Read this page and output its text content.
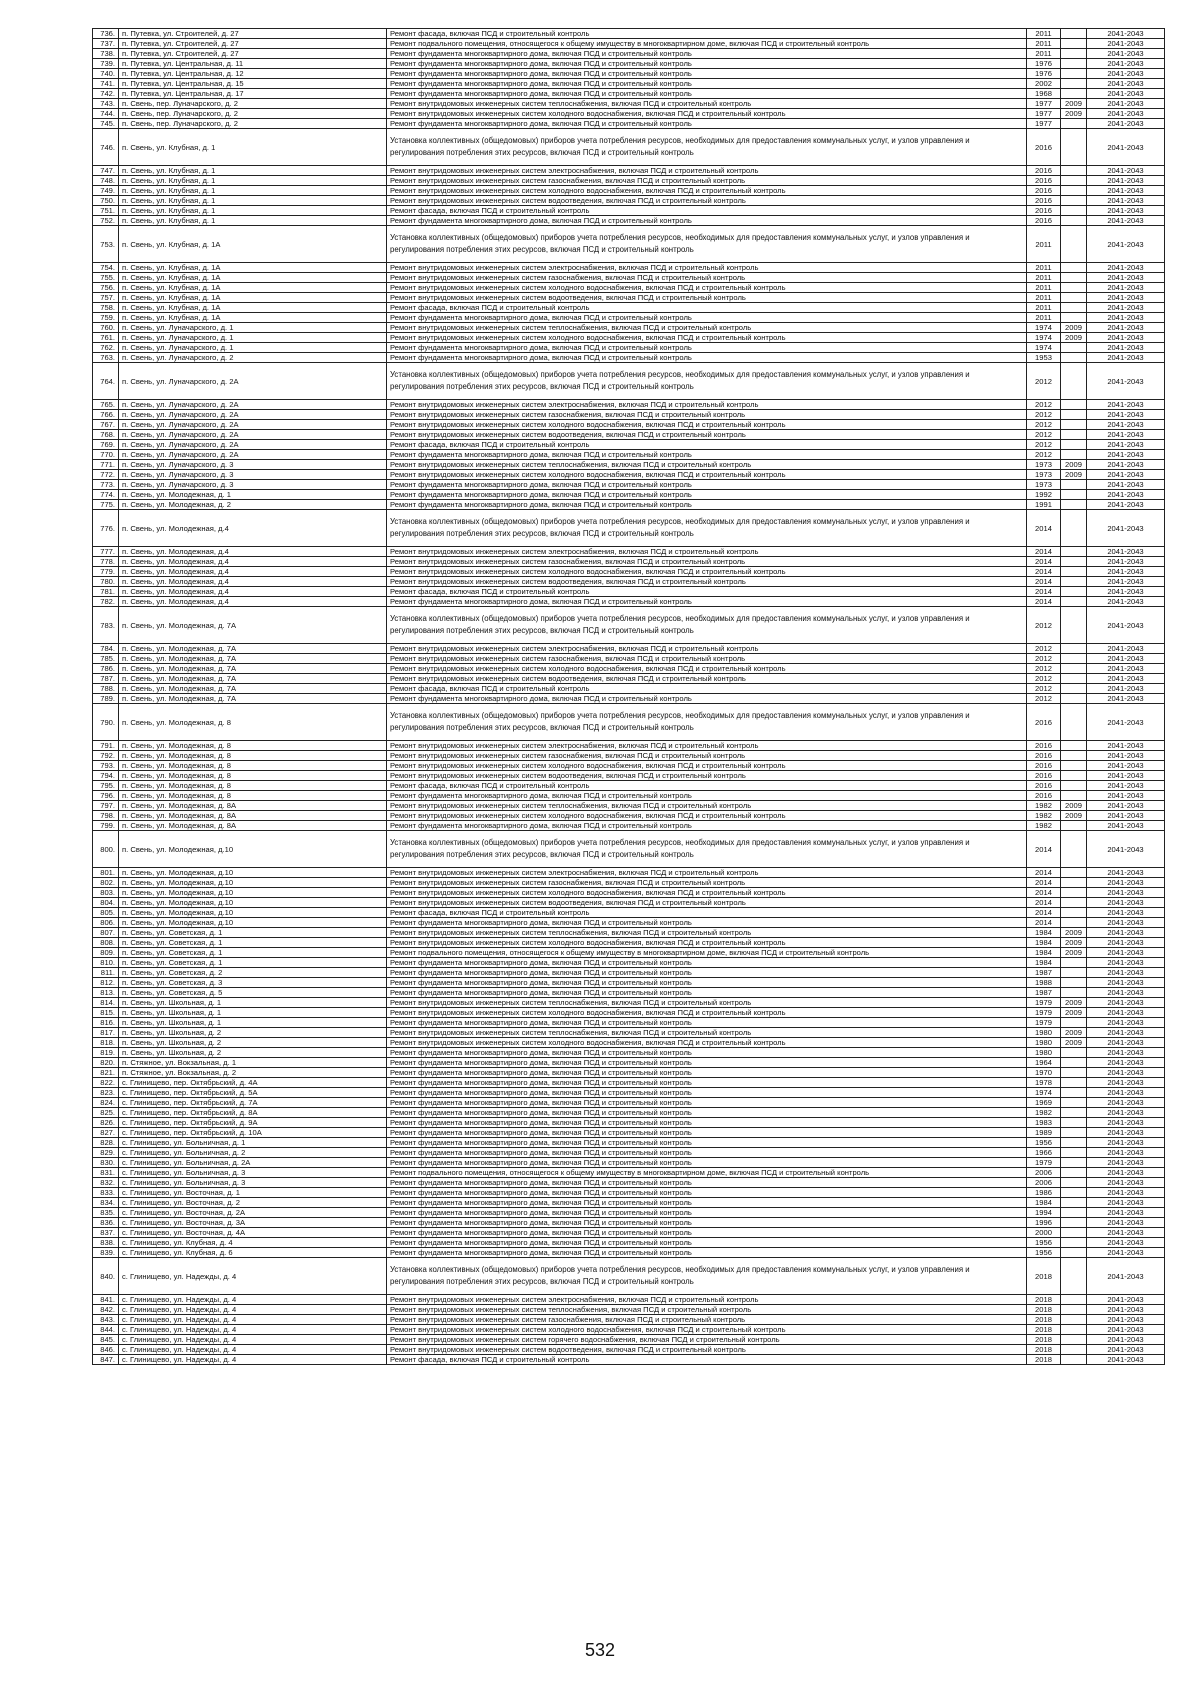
736.	п. Путевка, ул. Строителей, д. 27	Ремонт фасада, включая ПСД и строительный контроль	2011		2041-2043
737.	п. Путевка, ул. Строителей, д. 27	Ремонт подвального помещения, относящегося к общему имуществу в многоквартирном доме, включая ПСД и строительный контроль	2011		2041-2043
738.	п. Путевка, ул. Строителей, д. 27	Ремонт фундамента многоквартирного дома, включая ПСД и строительный контроль	2011		2041-2043
739.	п. Путевка, ул. Центральная, д. 11	Ремонт фундамента многоквартирного дома, включая ПСД и строительный контроль	1976		2041-2043
740.	п. Путевка, ул. Центральная, д. 12	Ремонт фундамента многоквартирного дома, включая ПСД и строительный контроль	1976		2041-2043
741.	п. Путевка, ул. Центральная, д. 15	Ремонт фундамента многоквартирного дома, включая ПСД и строительный контроль	2002		2041-2043
742.	п. Путевка, ул. Центральная, д. 17	Ремонт фундамента многоквартирного дома, включая ПСД и строительный контроль	1968		2041-2043
743.	п. Свень, пер. Луначарского, д. 2	Ремонт внутридомовых инженерных систем теплоснабжения, включая ПСД и строительный контроль	1977	2009	2041-2043
744.	п. Свень, пер. Луначарского, д. 2	Ремонт внутридомовых инженерных систем холодного водоснабжения, включая ПСД и строительный контроль	1977	2009	2041-2043
745.	п. Свень, пер. Луначарского, д. 2	Ремонт фундамента многоквартирного дома, включая ПСД и строительный контроль	1977		2041-2043
746.	п. Свень, ул. Клубная, д. 1	Установка коллективных (общедомовых) приборов учета потребления ресурсов, необходимых для предоставления коммунальных услуг, и узлов управления и регулирования потребления этих ресурсов, включая ПСД и строительный контроль	2016		2041-2043
747.	п. Свень, ул. Клубная, д. 1	Ремонт внутридомовых инженерных систем электроснабжения, включая ПСД и строительный контроль	2016		2041-2043
748.	п. Свень, ул. Клубная, д. 1	Ремонт внутридомовых инженерных систем газоснабжения, включая ПСД и строительный контроль	2016		2041-2043
749.	п. Свень, ул. Клубная, д. 1	Ремонт внутридомовых инженерных систем холодного водоснабжения, включая ПСД и строительный контроль	2016		2041-2043
750.	п. Свень, ул. Клубная, д. 1	Ремонт внутридомовых инженерных систем водоотведения, включая ПСД и строительный контроль	2016		2041-2043
751.	п. Свень, ул. Клубная, д. 1	Ремонт фасада, включая ПСД и строительный контроль	2016		2041-2043
752.	п. Свень, ул. Клубная, д. 1	Ремонт фундамента многоквартирного дома, включая ПСД и строительный контроль	2016		2041-2043
753.	п. Свень, ул. Клубная, д. 1А	Установка коллективных (общедомовых) приборов учета потребления ресурсов, необходимых для предоставления коммунальных услуг, и узлов управления и регулирования потребления этих ресурсов, включая ПСД и строительный контроль	2011		2041-2043
754.	п. Свень, ул. Клубная, д. 1А	Ремонт внутридомовых инженерных систем электроснабжения, включая ПСД и строительный контроль	2011		2041-2043
755.	п. Свень, ул. Клубная, д. 1А	Ремонт внутридомовых инженерных систем газоснабжения, включая ПСД и строительный контроль	2011		2041-2043
756.	п. Свень, ул. Клубная, д. 1А	Ремонт внутридомовых инженерных систем холодного водоснабжения, включая ПСД и строительный контроль	2011		2041-2043
757.	п. Свень, ул. Клубная, д. 1А	Ремонт внутридомовых инженерных систем водоотведения, включая ПСД и строительный контроль	2011		2041-2043
758.	п. Свень, ул. Клубная, д. 1А	Ремонт фасада, включая ПСД и строительный контроль	2011		2041-2043
759.	п. Свень, ул. Клубная, д. 1А	Ремонт фундамента многоквартирного дома, включая ПСД и строительный контроль	2011		2041-2043
760.	п. Свень, ул. Луначарского, д. 1	Ремонт внутридомовых инженерных систем теплоснабжения, включая ПСД и строительный контроль	1974	2009	2041-2043
761.	п. Свень, ул. Луначарского, д. 1	Ремонт внутридомовых инженерных систем холодного водоснабжения, включая ПСД и строительный контроль	1974	2009	2041-2043
762.	п. Свень, ул. Луначарского, д. 1	Ремонт фундамента многоквартирного дома, включая ПСД и строительный контроль	1974		2041-2043
763.	п. Свень, ул. Луначарского, д. 2	Ремонт фундамента многоквартирного дома, включая ПСД и строительный контроль	1953		2041-2043
764.	п. Свень, ул. Луначарского, д. 2А	Установка коллективных (общедомовых) приборов учета потребления ресурсов, необходимых для предоставления коммунальных услуг, и узлов управления и регулирования потребления этих ресурсов, включая ПСД и строительный контроль	2012		2041-2043
765.	п. Свень, ул. Луначарского, д. 2А	Ремонт внутридомовых инженерных систем электроснабжения, включая ПСД и строительный контроль	2012		2041-2043
766.	п. Свень, ул. Луначарского, д. 2А	Ремонт внутридомовых инженерных систем газоснабжения, включая ПСД и строительный контроль	2012		2041-2043
767.	п. Свень, ул. Луначарского, д. 2А	Ремонт внутридомовых инженерных систем холодного водоснабжения, включая ПСД и строительный контроль	2012		2041-2043
768.	п. Свень, ул. Луначарского, д. 2А	Ремонт внутридомовых инженерных систем водоотведения, включая ПСД и строительный контроль	2012		2041-2043
769.	п. Свень, ул. Луначарского, д. 2А	Ремонт фасада, включая ПСД и строительный контроль	2012		2041-2043
770.	п. Свень, ул. Луначарского, д. 2А	Ремонт фундамента многоквартирного дома, включая ПСД и строительный контроль	2012		2041-2043
771.	п. Свень, ул. Луначарского, д. 3	Ремонт внутридомовых инженерных систем теплоснабжения, включая ПСД и строительный контроль	1973	2009	2041-2043
772.	п. Свень, ул. Луначарского, д. 3	Ремонт внутридомовых инженерных систем холодного водоснабжения, включая ПСД и строительный контроль	1973	2009	2041-2043
773.	п. Свень, ул. Луначарского, д. 3	Ремонт фундамента многоквартирного дома, включая ПСД и строительный контроль	1973		2041-2043
774.	п. Свень, ул. Молодежная, д. 1	Ремонт фундамента многоквартирного дома, включая ПСД и строительный контроль	1992		2041-2043
775.	п. Свень, ул. Молодежная, д. 2	Ремонт фундамента многоквартирного дома, включая ПСД и строительный контроль	1991		2041-2043
776.	п. Свень, ул. Молодежная, д.4	Установка коллективных (общедомовых) приборов учета потребления ресурсов, необходимых для предоставления коммунальных услуг, и узлов управления и регулирования потребления этих ресурсов, включая ПСД и строительный контроль	2014		2041-2043
777.	п. Свень, ул. Молодежная, д.4	Ремонт внутридомовых инженерных систем электроснабжения, включая ПСД и строительный контроль	2014		2041-2043
778.	п. Свень, ул. Молодежная, д.4	Ремонт внутридомовых инженерных систем газоснабжения, включая ПСД и строительный контроль	2014		2041-2043
779.	п. Свень, ул. Молодежная, д.4	Ремонт внутридомовых инженерных систем холодного водоснабжения, включая ПСД и строительный контроль	2014		2041-2043
780.	п. Свень, ул. Молодежная, д.4	Ремонт внутридомовых инженерных систем водоотведения, включая ПСД и строительный контроль	2014		2041-2043
781.	п. Свень, ул. Молодежная, д.4	Ремонт фасада, включая ПСД и строительный контроль	2014		2041-2043
782.	п. Свень, ул. Молодежная, д.4	Ремонт фундамента многоквартирного дома, включая ПСД и строительный контроль	2014		2041-2043
783.	п. Свень, ул. Молодежная, д. 7А	Установка коллективных (общедомовых) приборов учета потребления ресурсов, необходимых для предоставления коммунальных услуг, и узлов управления и регулирования потребления этих ресурсов, включая ПСД и строительный контроль	2012		2041-2043
784.	п. Свень, ул. Молодежная, д. 7А	Ремонт внутридомовых инженерных систем электроснабжения, включая ПСД и строительный контроль	2012		2041-2043
785.	п. Свень, ул. Молодежная, д. 7А	Ремонт внутридомовых инженерных систем газоснабжения, включая ПСД и строительный контроль	2012		2041-2043
786.	п. Свень, ул. Молодежная, д. 7А	Ремонт внутридомовых инженерных систем холодного водоснабжения, включая ПСД и строительный контроль	2012		2041-2043
787.	п. Свень, ул. Молодежная, д. 7А	Ремонт внутридомовых инженерных систем водоотведения, включая ПСД и строительный контроль	2012		2041-2043
788.	п. Свень, ул. Молодежная, д. 7А	Ремонт фасада, включая ПСД и строительный контроль	2012		2041-2043
789.	п. Свень, ул. Молодежная, д. 7А	Ремонт фундамента многоквартирного дома, включая ПСД и строительный контроль	2012		2041-2043
790.	п. Свень, ул. Молодежная, д. 8	Установка коллективных (общедомовых) приборов учета потребления ресурсов, необходимых для предоставления коммунальных услуг, и узлов управления и регулирования потребления этих ресурсов, включая ПСД и строительный контроль	2016		2041-2043
791.	п. Свень, ул. Молодежная, д. 8	Ремонт внутридомовых инженерных систем электроснабжения, включая ПСД и строительный контроль	2016		2041-2043
792.	п. Свень, ул. Молодежная, д. 8	Ремонт внутридомовых инженерных систем газоснабжения, включая ПСД и строительный контроль	2016		2041-2043
793.	п. Свень, ул. Молодежная, д. 8	Ремонт внутридомовых инженерных систем холодного водоснабжения, включая ПСД и строительный контроль	2016		2041-2043
794.	п. Свень, ул. Молодежная, д. 8	Ремонт внутридомовых инженерных систем водоотведения, включая ПСД и строительный контроль	2016		2041-2043
795.	п. Свень, ул. Молодежная, д. 8	Ремонт фасада, включая ПСД и строительный контроль	2016		2041-2043
796.	п. Свень, ул. Молодежная, д. 8	Ремонт фундамента многоквартирного дома, включая ПСД и строительный контроль	2016		2041-2043
797.	п. Свень, ул. Молодежная, д. 8А	Ремонт внутридомовых инженерных систем теплоснабжения, включая ПСД и строительный контроль	1982	2009	2041-2043
798.	п. Свень, ул. Молодежная, д. 8А	Ремонт внутридомовых инженерных систем холодного водоснабжения, включая ПСД и строительный контроль	1982	2009	2041-2043
799.	п. Свень, ул. Молодежная, д. 8А	Ремонт фундамента многоквартирного дома, включая ПСД и строительный контроль	1982		2041-2043
800.	п. Свень, ул. Молодежная, д.10	Установка коллективных (общедомовых) приборов учета потребления ресурсов, необходимых для предоставления коммунальных услуг, и узлов управления и регулирования потребления этих ресурсов, включая ПСД и строительный контроль	2014		2041-2043
801.	п. Свень, ул. Молодежная, д.10	Ремонт внутридомовых инженерных систем электроснабжения, включая ПСД и строительный контроль	2014		2041-2043
802.	п. Свень, ул. Молодежная, д.10	Ремонт внутридомовых инженерных систем газоснабжения, включая ПСД и строительный контроль	2014		2041-2043
803.	п. Свень, ул. Молодежная, д.10	Ремонт внутридомовых инженерных систем холодного водоснабжения, включая ПСД и строительный контроль	2014		2041-2043
804.	п. Свень, ул. Молодежная, д.10	Ремонт внутридомовых инженерных систем водоотведения, включая ПСД и строительный контроль	2014		2041-2043
805.	п. Свень, ул. Молодежная, д.10	Ремонт фасада, включая ПСД и строительный контроль	2014		2041-2043
806.	п. Свень, ул. Молодежная, д.10	Ремонт фундамента многоквартирного дома, включая ПСД и строительный контроль	2014		2041-2043
807.	п. Свень, ул. Советская, д. 1	Ремонт внутридомовых инженерных систем теплоснабжения, включая ПСД и строительный контроль	1984	2009	2041-2043
808.	п. Свень, ул. Советская, д. 1	Ремонт внутридомовых инженерных систем холодного водоснабжения, включая ПСД и строительный контроль	1984	2009	2041-2043
809.	п. Свень, ул. Советская, д. 1	Ремонт подвального помещения, относящегося к общему имуществу в многоквартирном доме, включая ПСД и строительный контроль	1984	2009	2041-2043
810.	п. Свень, ул. Советская, д. 1	Ремонт фундамента многоквартирного дома, включая ПСД и строительный контроль	1984		2041-2043
811.	п. Свень, ул. Советская, д. 2	Ремонт фундамента многоквартирного дома, включая ПСД и строительный контроль	1987		2041-2043
812.	п. Свень, ул. Советская, д. 3	Ремонт фундамента многоквартирного дома, включая ПСД и строительный контроль	1988		2041-2043
813.	п. Свень, ул. Советская, д. 5	Ремонт фундамента многоквартирного дома, включая ПСД и строительный контроль	1987		2041-2043
814.	п. Свень, ул. Школьная, д. 1	Ремонт внутридомовых инженерных систем теплоснабжения, включая ПСД и строительный контроль	1979	2009	2041-2043
815.	п. Свень, ул. Школьная, д. 1	Ремонт внутридомовых инженерных систем холодного водоснабжения, включая ПСД и строительный контроль	1979	2009	2041-2043
816.	п. Свень, ул. Школьная, д. 1	Ремонт фундамента многоквартирного дома, включая ПСД и строительный контроль	1979		2041-2043
817.	п. Свень, ул. Школьная, д. 2	Ремонт внутридомовых инженерных систем теплоснабжения, включая ПСД и строительный контроль	1980	2009	2041-2043
818.	п. Свень, ул. Школьная, д. 2	Ремонт внутридомовых инженерных систем холодного водоснабжения, включая ПСД и строительный контроль	1980	2009	2041-2043
819.	п. Свень, ул. Школьная, д. 2	Ремонт фундамента многоквартирного дома, включая ПСД и строительный контроль	1980		2041-2043
820.	п. Стяжное, ул. Вокзальная, д. 1	Ремонт фундамента многоквартирного дома, включая ПСД и строительный контроль	1964		2041-2043
821.	п. Стяжное, ул. Вокзальная, д. 2	Ремонт фундамента многоквартирного дома, включая ПСД и строительный контроль	1970		2041-2043
822.	с. Глинищево, пер. Октябрьский, д. 4А	Ремонт фундамента многоквартирного дома, включая ПСД и строительный контроль	1978		2041-2043
823.	с. Глинищево, пер. Октябрьский, д. 5А	Ремонт фундамента многоквартирного дома, включая ПСД и строительный контроль	1974		2041-2043
824.	с. Глинищево, пер. Октябрьский, д. 7А	Ремонт фундамента многоквартирного дома, включая ПСД и строительный контроль	1969		2041-2043
825.	с. Глинищево, пер. Октябрьский, д. 8А	Ремонт фундамента многоквартирного дома, включая ПСД и строительный контроль	1982		2041-2043
826.	с. Глинищево, пер. Октябрьский, д. 9А	Ремонт фундамента многоквартирного дома, включая ПСД и строительный контроль	1983		2041-2043
827.	с. Глинищево, пер. Октябрьский, д. 10А	Ремонт фундамента многоквартирного дома, включая ПСД и строительный контроль	1989		2041-2043
828.	с. Глинищево, ул. Больничная, д. 1	Ремонт фундамента многоквартирного дома, включая ПСД и строительный контроль	1956		2041-2043
829.	с. Глинищево, ул. Больничная, д. 2	Ремонт фундамента многоквартирного дома, включая ПСД и строительный контроль	1966		2041-2043
830.	с. Глинищево, ул. Больничная, д. 2А	Ремонт фундамента многоквартирного дома, включая ПСД и строительный контроль	1979		2041-2043
831.	с. Глинищево, ул. Больничная, д. 3	Ремонт подвального помещения, относящегося к общему имуществу в многоквартирном доме, включая ПСД и строительный контроль	2006		2041-2043
832.	с. Глинищево, ул. Больничная, д. 3	Ремонт фундамента многоквартирного дома, включая ПСД и строительный контроль	2006		2041-2043
833.	с. Глинищево, ул. Восточная, д. 1	Ремонт фундамента многоквартирного дома, включая ПСД и строительный контроль	1986		2041-2043
834.	с. Глинищево, ул. Восточная, д. 2	Ремонт фундамента многоквартирного дома, включая ПСД и строительный контроль	1984		2041-2043
835.	с. Глинищево, ул. Восточная, д. 2А	Ремонт фундамента многоквартирного дома, включая ПСД и строительный контроль	1994		2041-2043
836.	с. Глинищево, ул. Восточная, д. 3А	Ремонт фундамента многоквартирного дома, включая ПСД и строительный контроль	1996		2041-2043
837.	с. Глинищево, ул. Восточная, д. 4А	Ремонт фундамента многоквартирного дома, включая ПСД и строительный контроль	2000		2041-2043
838.	с. Глинищево, ул. Клубная, д. 4	Ремонт фундамента многоквартирного дома, включая ПСД и строительный контроль	1956		2041-2043
839.	с. Глинищево, ул. Клубная, д. 6	Ремонт фундамента многоквартирного дома, включая ПСД и строительный контроль	1956		2041-2043
840.	с. Глинищево, ул. Надежды, д. 4	Установка коллективных (общедомовых) приборов учета потребления ресурсов, необходимых для предоставления коммунальных услуг, и узлов управления и регулирования потребления этих ресурсов, включая ПСД и строительный контроль	2018		2041-2043
841.	с. Глинищево, ул. Надежды, д. 4	Ремонт внутридомовых инженерных систем электроснабжения, включая ПСД и строительный контроль	2018		2041-2043
842.	с. Глинищево, ул. Надежды, д. 4	Ремонт внутридомовых инженерных систем теплоснабжения, включая ПСД и строительный контроль	2018		2041-2043
843.	с. Глинищево, ул. Надежды, д. 4	Ремонт внутридомовых инженерных систем газоснабжения, включая ПСД и строительный контроль	2018		2041-2043
844.	с. Глинищево, ул. Надежды, д. 4	Ремонт внутридомовых инженерных систем холодного водоснабжения, включая ПСД и строительный контроль	2018		2041-2043
845.	с. Глинищево, ул. Надежды, д. 4	Ремонт внутридомовых инженерных систем горячего водоснабжения, включая ПСД и строительный контроль	2018		2041-2043
846.	с. Глинищево, ул. Надежды, д. 4	Ремонт внутридомовых инженерных систем водоотведения, включая ПСД и строительный контроль	2018		2041-2043
847.	с. Глинищево, ул. Надежды, д. 4	Ремонт фасада, включая ПСД и строительный контроль	2018		2041-2043
532
